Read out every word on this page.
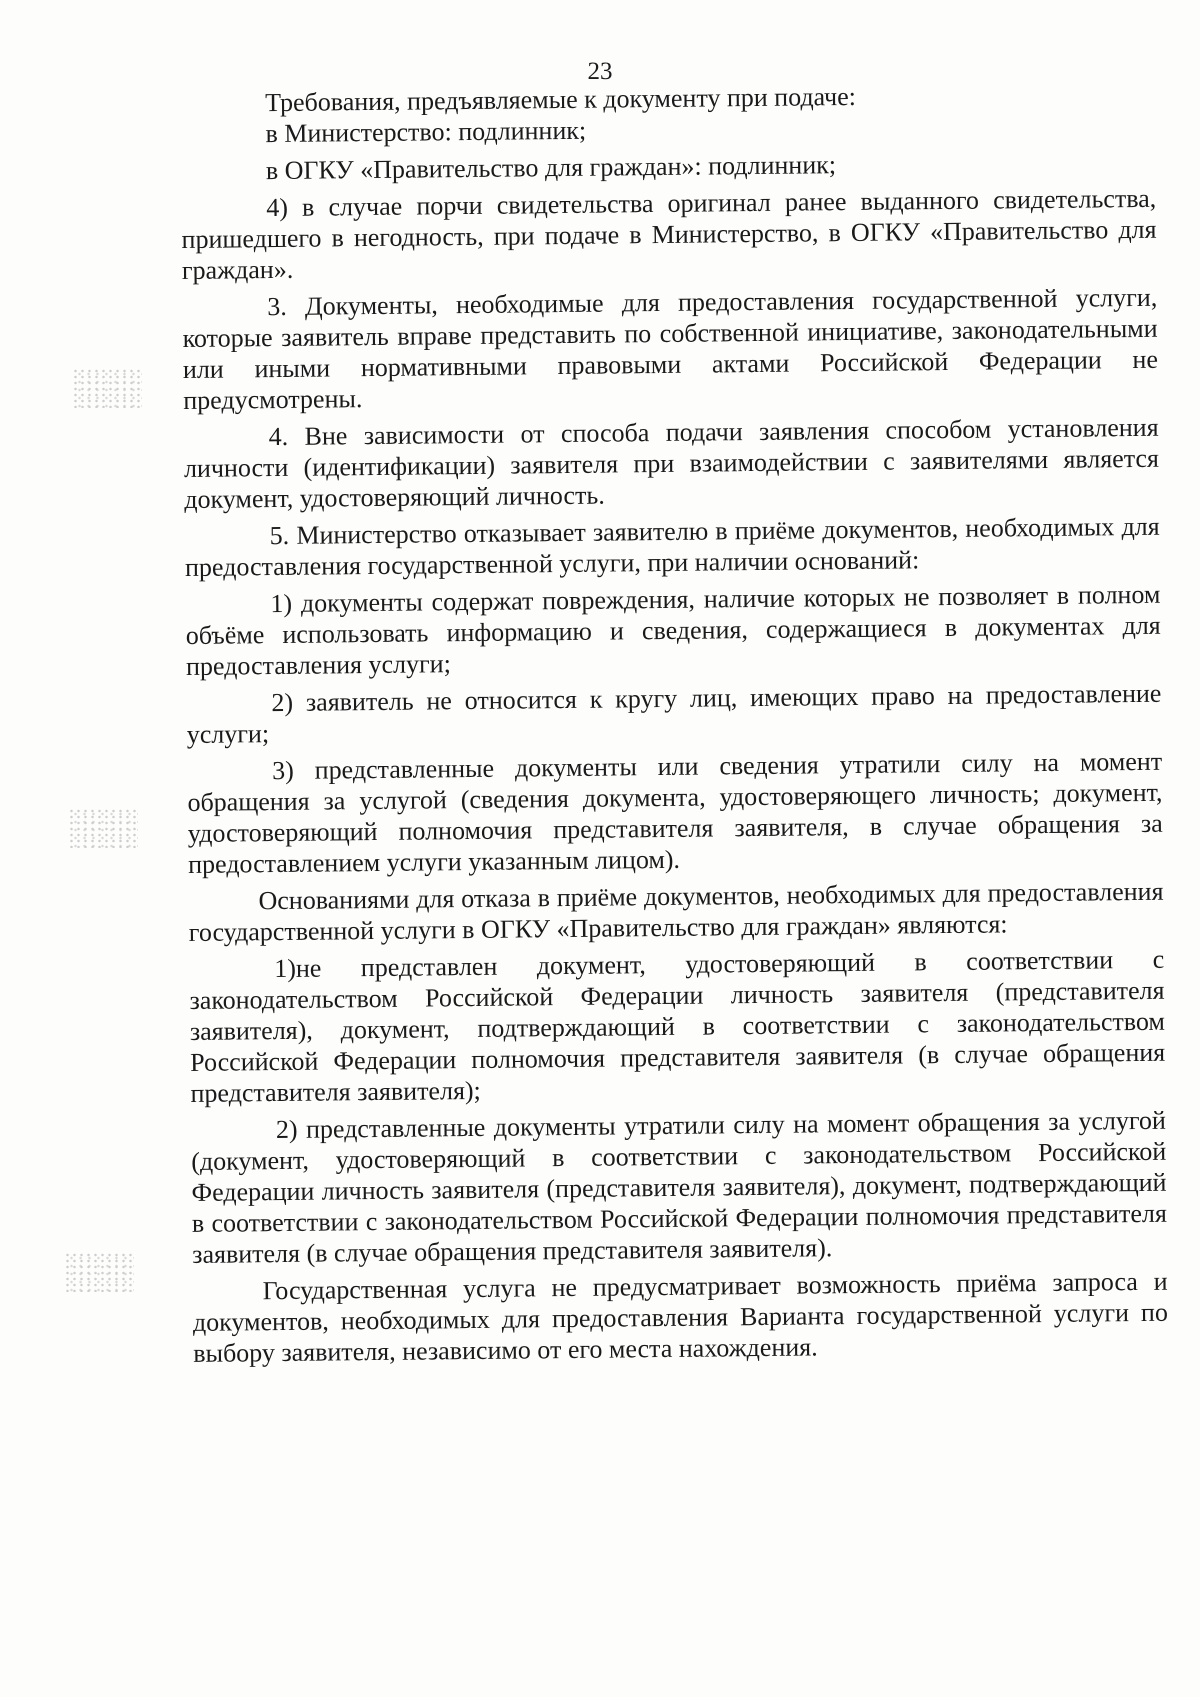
23

Требования, предъявляемые к документу при подаче:

в Министерство: подлинник;

в ОГКУ «Правительство для граждан»: подлинник;

4) в случае порчи свидетельства оригинал ранее выданного свидетельства, пришедшего в негодность, при подаче в Министерство, в ОГКУ «Правительство для граждан».

3. Документы, необходимые для предоставления государственной услуги, которые заявитель вправе представить по собственной инициативе, законодательными или иными нормативными правовыми актами Российской Федерации не предусмотрены.

4. Вне зависимости от способа подачи заявления способом установления личности (идентификации) заявителя при взаимодействии с заявителями является документ, удостоверяющий личность.

5. Министерство отказывает заявителю в приёме документов, необходимых для предоставления государственной услуги, при наличии оснований:

1) документы содержат повреждения, наличие которых не позволяет в полном объёме использовать информацию и сведения, содержащиеся в документах для предоставления услуги;

2) заявитель не относится к кругу лиц, имеющих право на предоставление услуги;

3) представленные документы или сведения утратили силу на момент обращения за услугой (сведения документа, удостоверяющего личность; документ, удостоверяющий полномочия представителя заявителя, в случае обращения за предоставлением услуги указанным лицом).

Основаниями для отказа в приёме документов, необходимых для предоставления государственной услуги в ОГКУ «Правительство для граждан» являются:

1)не представлен документ, удостоверяющий в соответствии с законодательством Российской Федерации личность заявителя (представителя заявителя), документ, подтверждающий в соответствии с законодательством Российской Федерации полномочия представителя заявителя (в случае обращения представителя заявителя);

2) представленные документы утратили силу на момент обращения за услугой (документ, удостоверяющий в соответствии с законодательством Российской Федерации личность заявителя (представителя заявителя), документ, подтверждающий в соответствии с законодательством Российской Федерации полномочия представителя заявителя (в случае обращения представителя заявителя).

Государственная услуга не предусматривает возможность приёма запроса и документов, необходимых для предоставления Варианта государственной услуги по выбору заявителя, независимо от его места нахождения.
